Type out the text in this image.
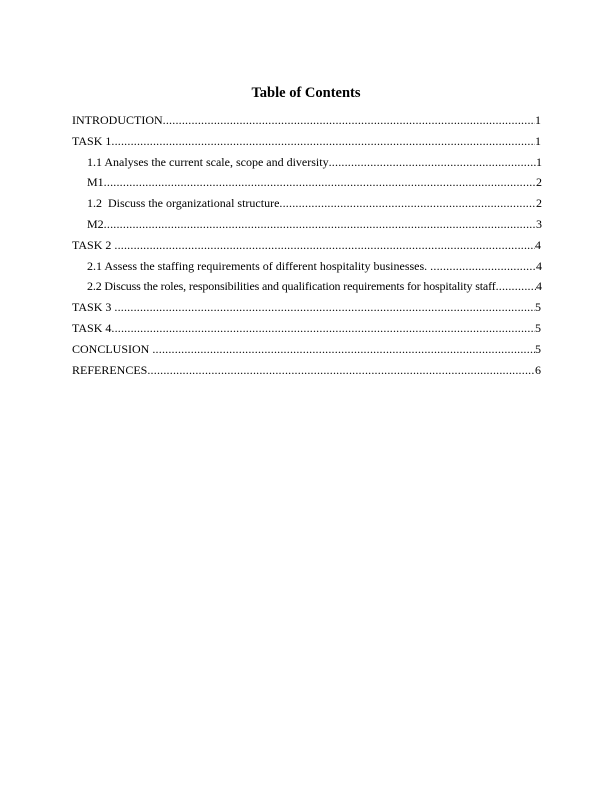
Table of Contents
INTRODUCTION .....	1
TASK 1 .....	1
1.1 Analyses the current scale, scope and diversity .....	1
M1 .....	2
1.2  Discuss the organizational structure .....	2
M2 .....	3
TASK 2 .....	4
2.1 Assess the staffing requirements of different hospitality businesses. .....	4
2.2 Discuss the roles, responsibilities and qualification requirements for hospitality staff .....	4
TASK 3 .....	5
TASK 4 .....	5
CONCLUSION .....	5
REFERENCES .....	6
